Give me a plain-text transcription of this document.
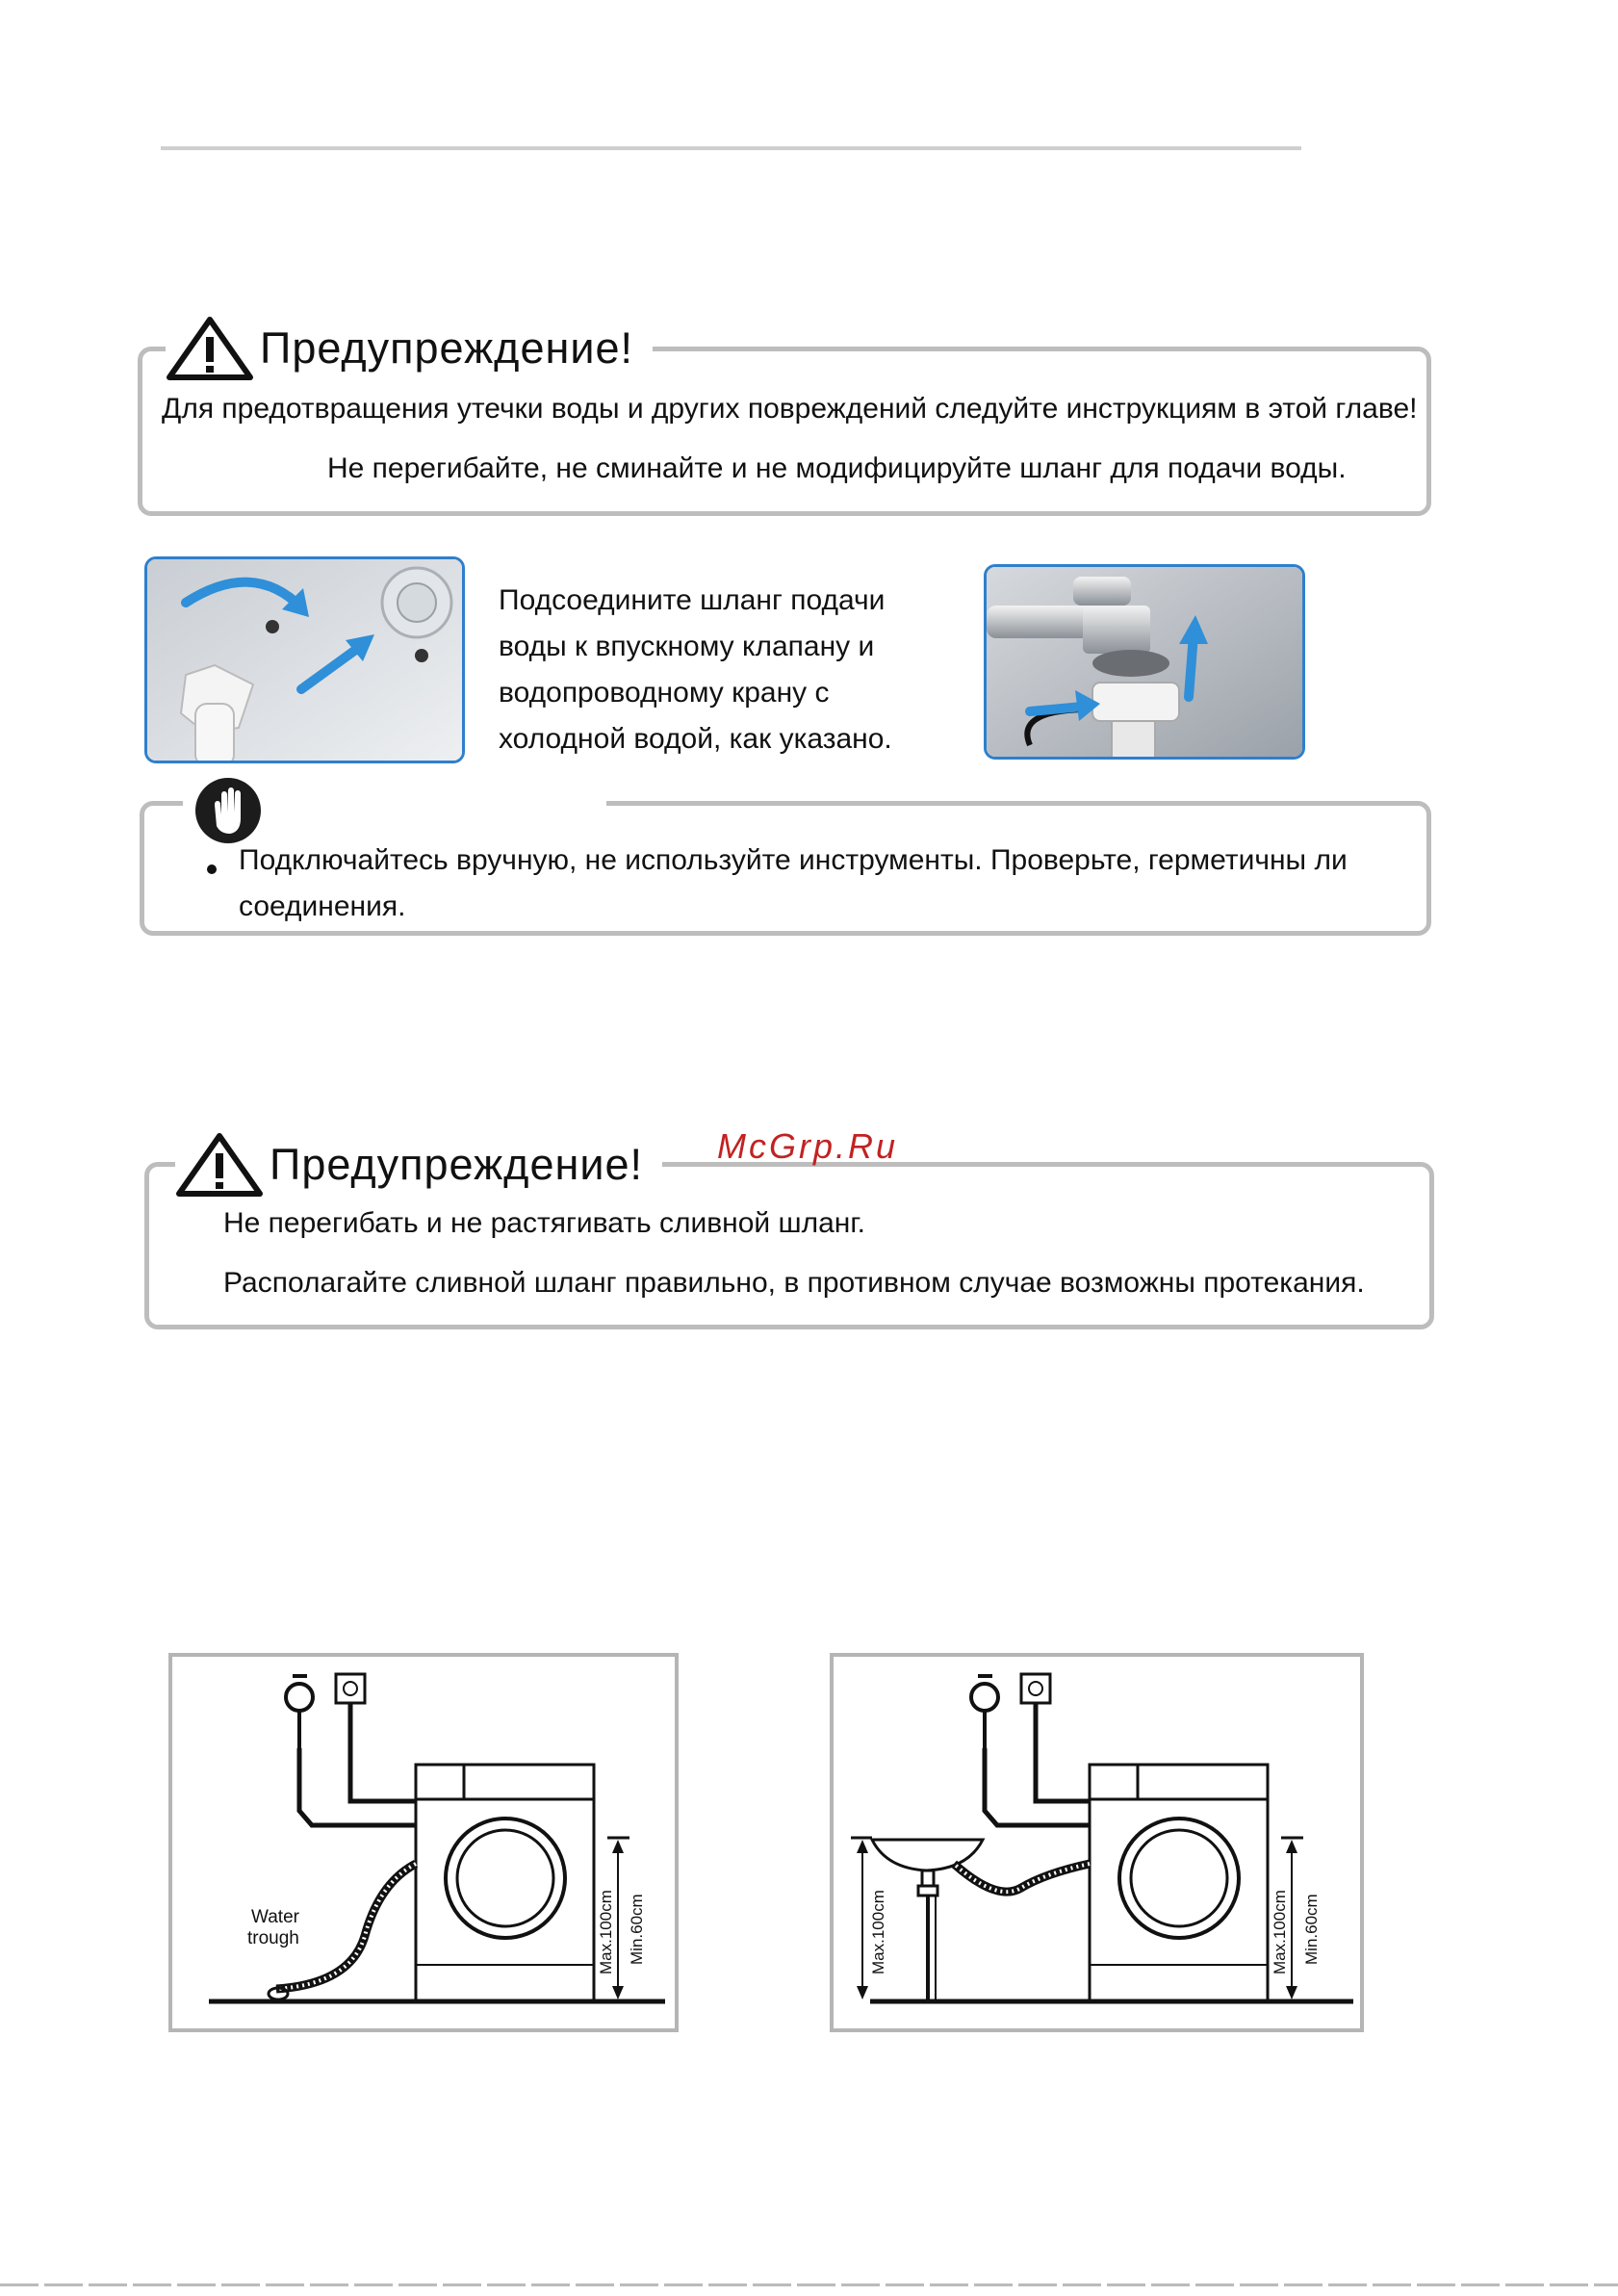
Предупреждение!
Для предотвращения утечки воды и других повреждений следуйте инструкциям в этой главе!
Не перегибайте, не сминайте и не модифицируйте шланг для подачи воды.
Подсоедините шланг подачи воды к впускному клапану и водопроводному крану с холодной водой, как указано.
Подключайтесь вручную, не используйте инструменты. Проверьте, герметичны ли
соединения.
Предупреждение! McGrp.Ru
Не перегибать и не растягивать сливной шланг.
Располагайте сливной шланг правильно, в противном случае возможны протекания.
Max.100cm Min.60cm
Water
trough	Max.100cm	Max.100cm Min.60cm
